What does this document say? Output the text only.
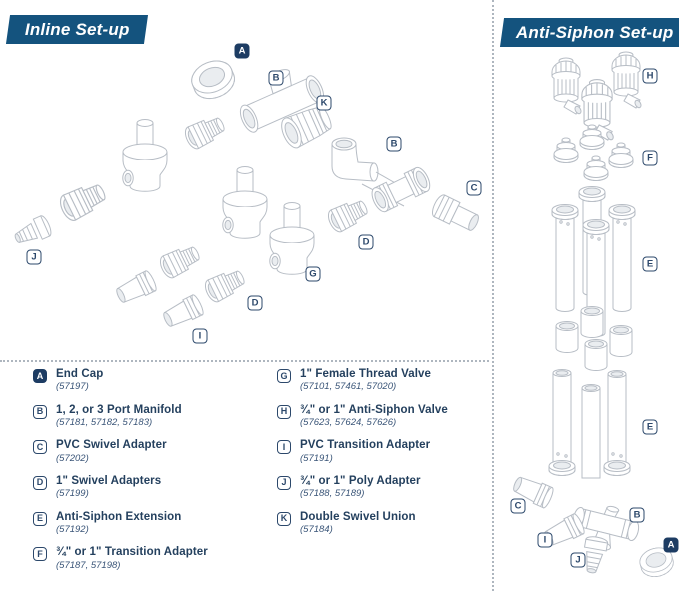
Inline Set-up	Anti-Siphon Set-up
A
B
K
B
C
D
G
D
J
I
H
F
E
E
C
B
I
J
A
A	End Cap
(57197)
B	1, 2, or 3 Port Manifold
(57181, 57182, 57183)
C	PVC Swivel Adapter
(57202)
D	1" Swivel Adapters
(57199)
E	Anti-Siphon Extension
(57192)
F	¾" or 1" Transition Adapter
(57187, 57198)
G	1" Female Thread Valve
(57101, 57461, 57020)
H	¾" or 1" Anti-Siphon Valve
(57623, 57624, 57626)
I	PVC Transition Adapter
(57191)
J	¾" or 1" Poly Adapter
(57188, 57189)
K	Double Swivel Union
(57184)
